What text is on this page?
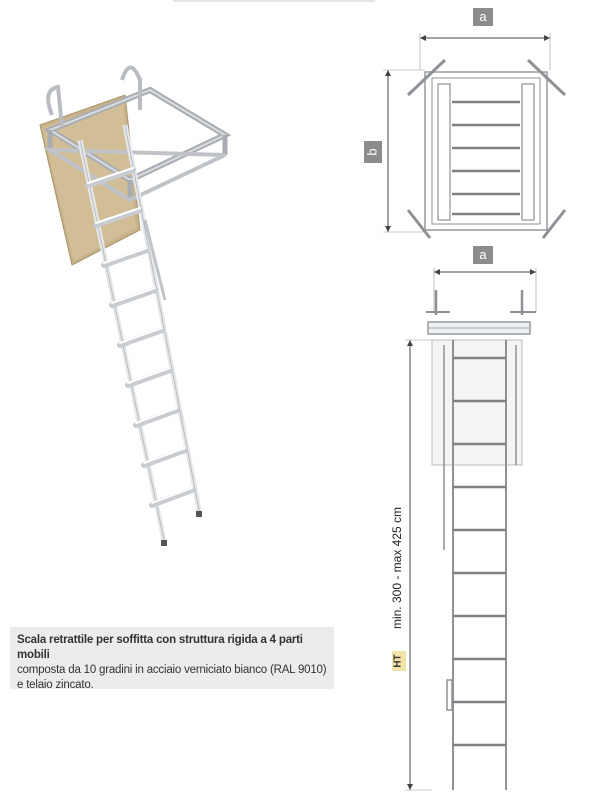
a
b
a
min. 300 - max 425 cm
HT
Scala retrattile per soffitta con struttura rigida a 4 parti mobili
composta da 10 gradini in acciaio verniciato bianco (RAL 9010)
e telaio zincato.
